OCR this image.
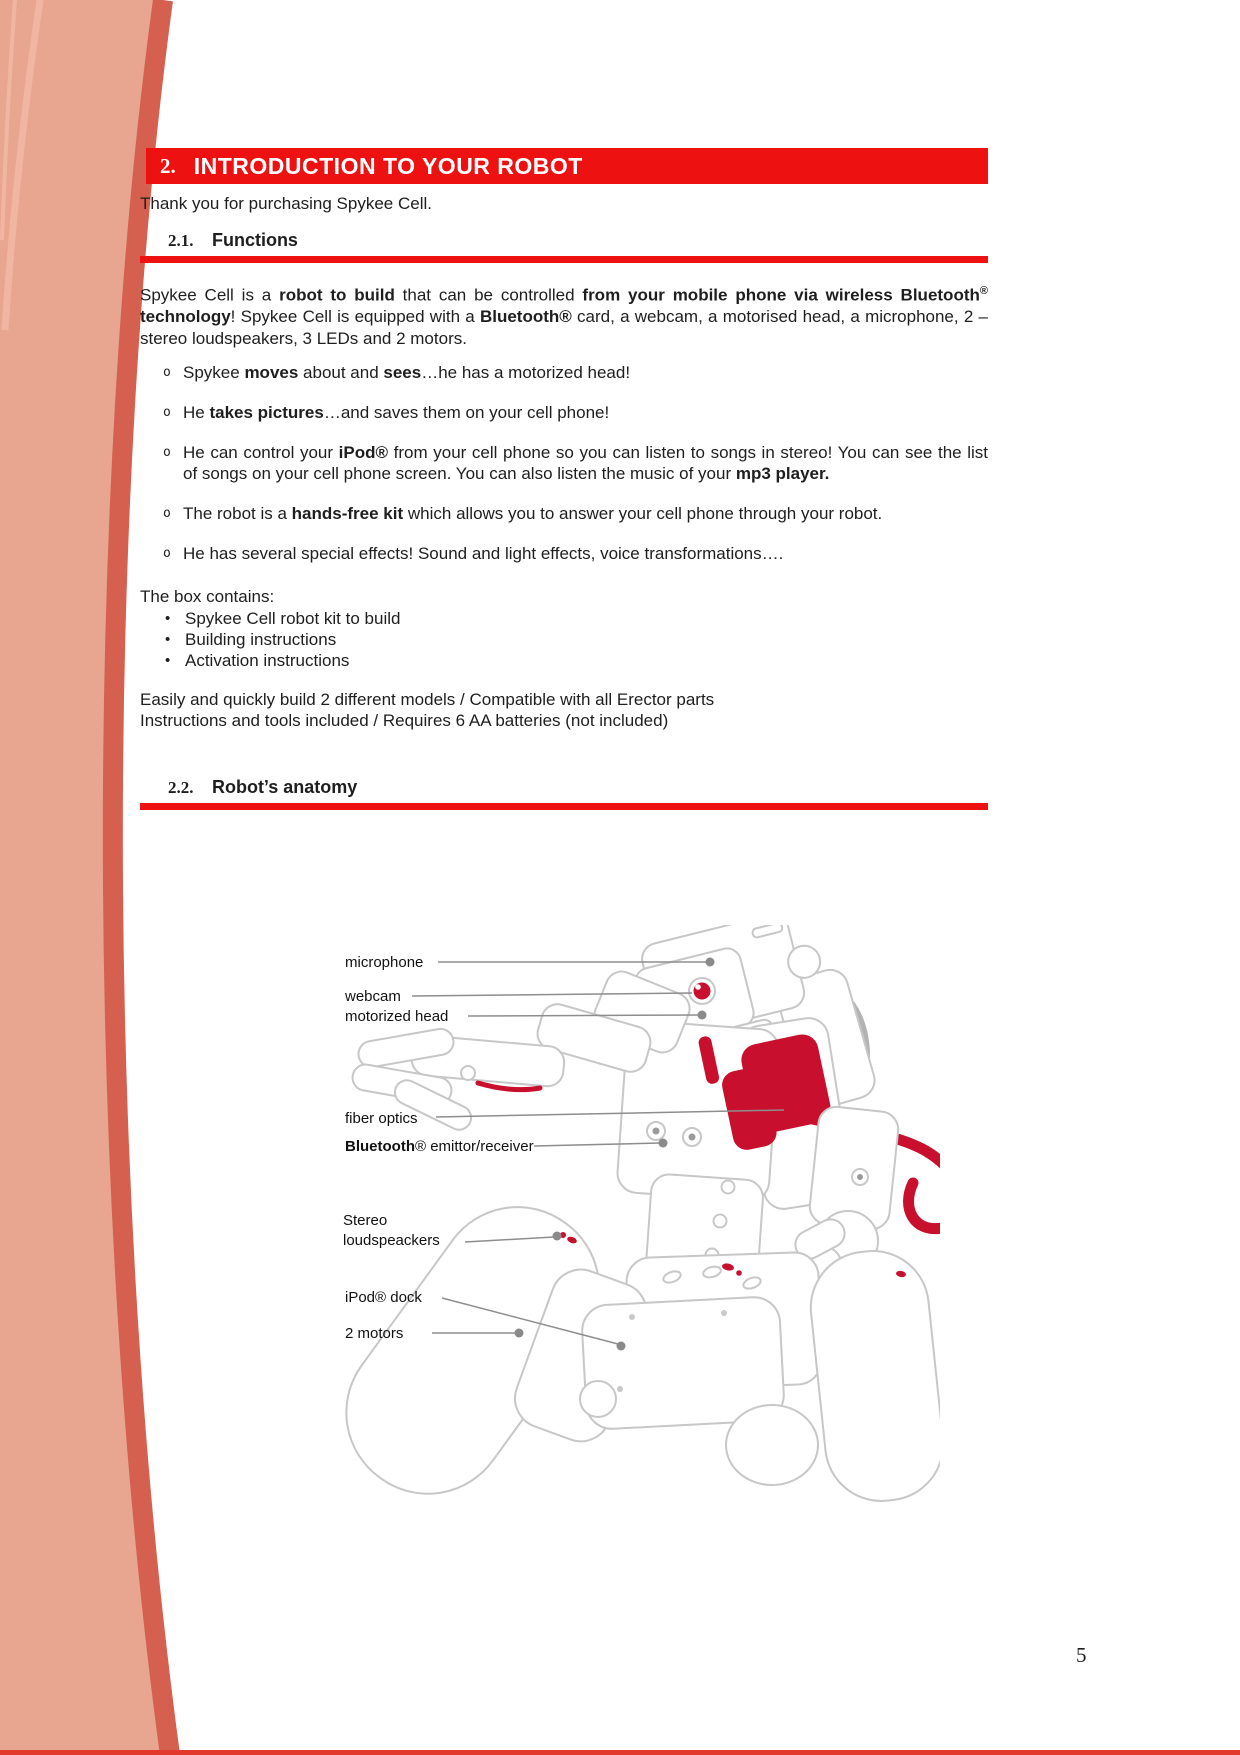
2. INTRODUCTION TO YOUR ROBOT
Thank you for purchasing Spykee Cell.
2.1. Functions
Spykee Cell is a robot to build that can be controlled from your mobile phone via wireless Bluetooth® technology! Spykee Cell is equipped with a Bluetooth® card, a webcam, a motorised head, a microphone, 2 – stereo loudspeakers, 3 LEDs and 2 motors.
o Spykee moves about and sees…he has a motorized head!
o He takes pictures…and saves them on your cell phone!
o He can control your iPod® from your cell phone so you can listen to songs in stereo! You can see the list of songs on your cell phone screen. You can also listen the music of your mp3 player.
o The robot is a hands-free kit which allows you to answer your cell phone through your robot.
o He has several special effects! Sound and light effects, voice transformations….
The box contains:
• Spykee Cell robot kit to build
• Building instructions
• Activation instructions
Easily and quickly build 2 different models / Compatible with all Erector parts
Instructions and tools included / Requires 6 AA batteries (not included)
2.2. Robot’s anatomy
microphone
webcam
motorized head
fiber optics
Bluetooth® emittor/receiver
Stereo
loudspeackers
iPod® dock
2 motors
5
